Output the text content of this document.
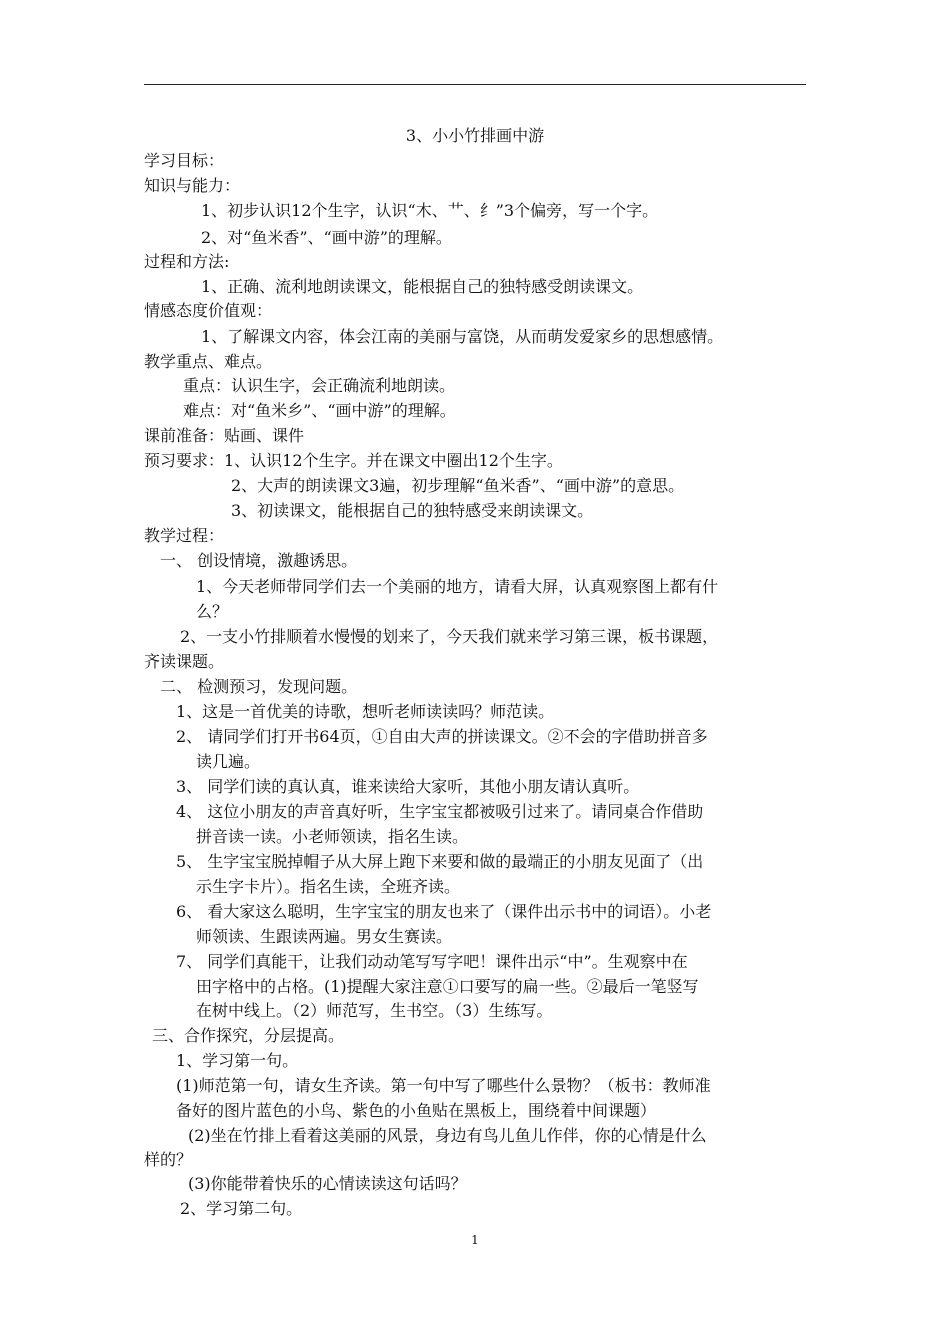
3、小小竹排画中游
学习目标：
知识与能力：
1、初步认识12个生字，认识“木、艹、纟”3个偏旁，写一个字。
2、对“鱼米香”、“画中游”的理解。
过程和方法:
1、正确、流利地朗读课文，能根据自己的独特感受朗读课文。
情感态度价值观：
1、了解课文内容，体会江南的美丽与富饶，从而萌发爱家乡的思想感情。
教学重点、难点。
重点：认识生字，会正确流利地朗读。
难点：对“鱼米乡”、“画中游”的理解。
课前准备：贴画、课件
预习要求：1、认识12个生字。并在课文中圈出12个生字。
2、大声的朗读课文3遍，初步理解“鱼米香”、“画中游”的意思。
3、初读课文，能根据自己的独特感受来朗读课文。
教学过程：
一、 创设情境，激趣诱思。
1、今天老师带同学们去一个美丽的地方，请看大屏，认真观察图上都有什
么？
2、一支小竹排顺着水慢慢的划来了，今天我们就来学习第三课，板书课题，
齐读课题。
二、 检测预习，发现问题。
1、这是一首优美的诗歌，想听老师读读吗？师范读。
2、 请同学们打开书64页，①自由大声的拼读课文。②不会的字借助拼音多
读几遍。
3、 同学们读的真认真，谁来读给大家听，其他小朋友请认真听。
4、 这位小朋友的声音真好听，生字宝宝都被吸引过来了。请同桌合作借助
拼音读一读。小老师领读，指名生读。
5、 生字宝宝脱掉帽子从大屏上跑下来要和做的最端正的小朋友见面了（出
示生字卡片）。指名生读，全班齐读。
6、 看大家这么聪明，生字宝宝的朋友也来了（课件出示书中的词语）。小老
师领读、生跟读两遍。男女生赛读。
7、 同学们真能干，让我们动动笔写写字吧！课件出示“中”。生观察中在
田字格中的占格。(1)提醒大家注意①口要写的扁一些。②最后一笔竖写
在树中线上。（2）师范写，生书空。（3）生练写。
三、合作探究，分层提高。
1、学习第一句。
(1)师范第一句，请女生齐读。第一句中写了哪些什么景物？（板书：教师准
备好的图片蓝色的小鸟、紫色的小鱼贴在黑板上，围绕着中间课题）
(2)坐在竹排上看着这美丽的风景，身边有鸟儿鱼儿作伴，你的心情是什么
样的？
(3)你能带着快乐的心情读读这句话吗？
2、学习第二句。
1
